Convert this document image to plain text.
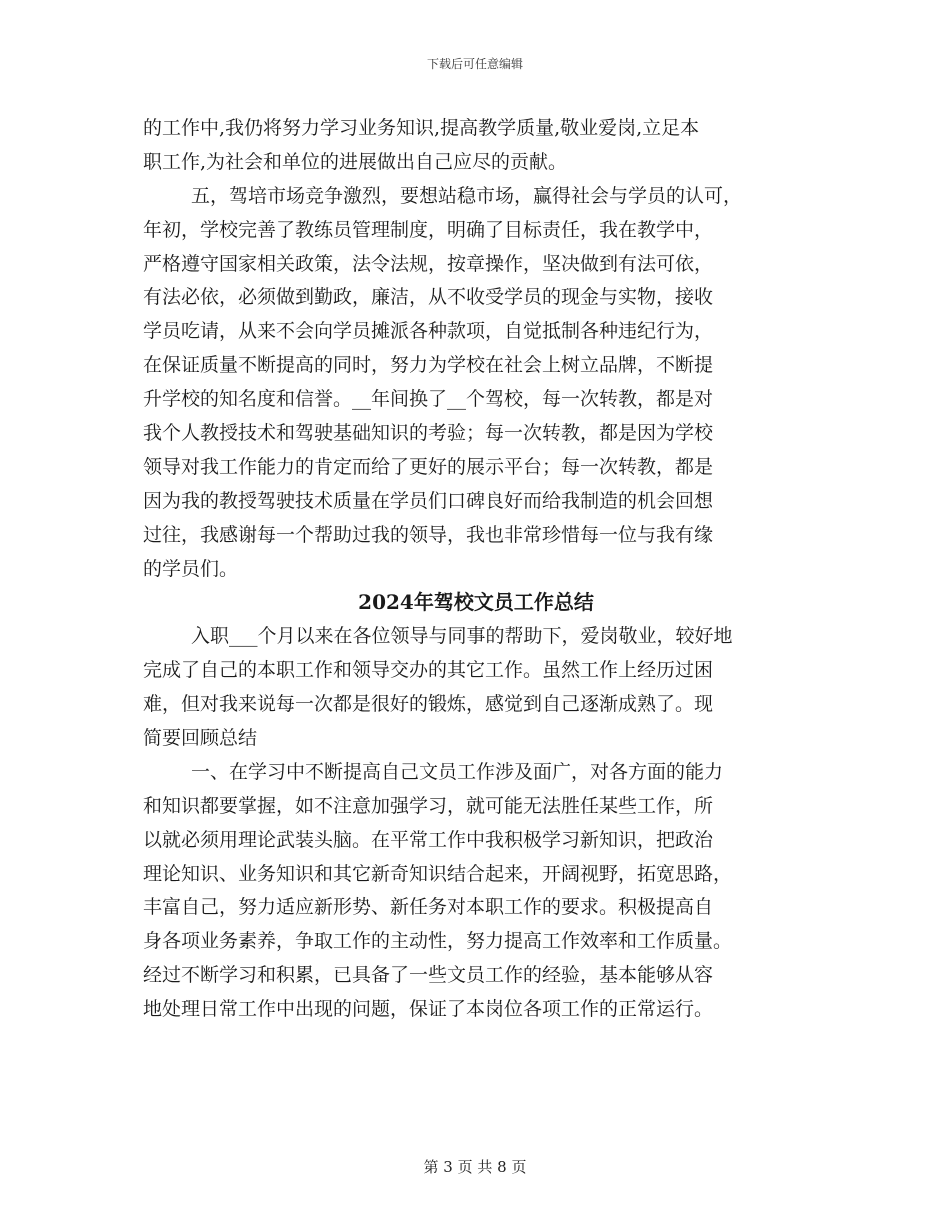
下载后可任意编辑
的工作中,我仍将努力学习业务知识,提高教学质量,敬业爱岗,立足本
职工作,为社会和单位的进展做出自己应尽的贡献。
五，驾培市场竞争激烈，要想站稳市场，赢得社会与学员的认可，
年初，学校完善了教练员管理制度，明确了目标责任，我在教学中，
严格遵守国家相关政策，法令法规，按章操作，坚决做到有法可依，
有法必依，必须做到勤政，廉洁，从不收受学员的现金与实物，接收
学员吃请，从来不会向学员摊派各种款项，自觉抵制各种违纪行为，
在保证质量不断提高的同时，努力为学校在社会上树立品牌，不断提
升学校的知名度和信誉。__年间换了__个驾校，每一次转教，都是对
我个人教授技术和驾驶基础知识的考验；每一次转教，都是因为学校
领导对我工作能力的肯定而给了更好的展示平台；每一次转教，都是
因为我的教授驾驶技术质量在学员们口碑良好而给我制造的机会回想
过往，我感谢每一个帮助过我的领导，我也非常珍惜每一位与我有缘
的学员们。
2024年驾校文员工作总结
入职___个月以来在各位领导与同事的帮助下，爱岗敬业，较好地
完成了自己的本职工作和领导交办的其它工作。虽然工作上经历过困
难，但对我来说每一次都是很好的锻炼，感觉到自己逐渐成熟了。现
简要回顾总结
一、在学习中不断提高自己文员工作涉及面广，对各方面的能力
和知识都要掌握，如不注意加强学习，就可能无法胜任某些工作，所
以就必须用理论武装头脑。在平常工作中我积极学习新知识，把政治
理论知识、业务知识和其它新奇知识结合起来，开阔视野，拓宽思路，
丰富自己，努力适应新形势、新任务对本职工作的要求。积极提高自
身各项业务素养，争取工作的主动性，努力提高工作效率和工作质量。
经过不断学习和积累，已具备了一些文员工作的经验，基本能够从容
地处理日常工作中出现的问题，保证了本岗位各项工作的正常运行。
第 3 页 共 8 页
